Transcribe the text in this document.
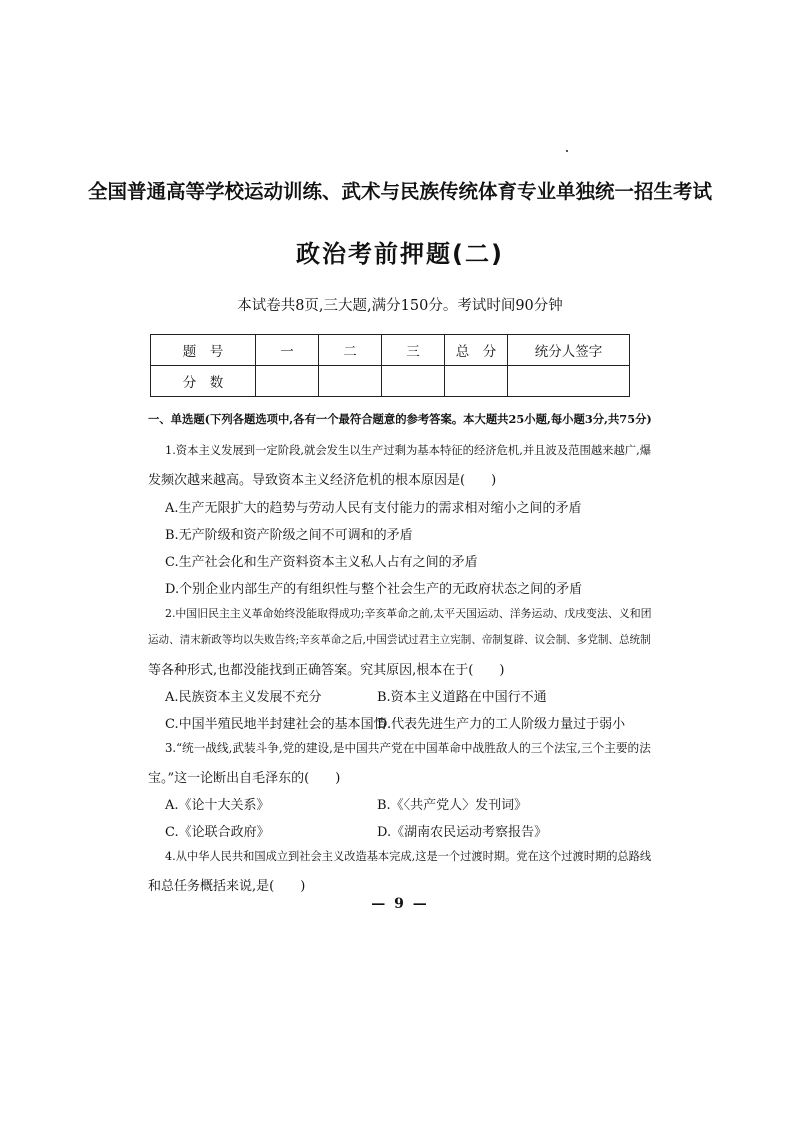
全国普通高等学校运动训练、武术与民族传统体育专业单独统一招生考试
政治考前押题(二)
本试卷共8页,三大题,满分150分。考试时间90分钟
题　号	一	二	三	总　分	统分人签字
分　数					
一、单选题(下列各题选项中,各有一个最符合题意的参考答案。本大题共25小题,每小题3分,共75分)
1.资本主义发展到一定阶段,就会发生以生产过剩为基本特征的经济危机,并且波及范围越来越广,爆
发频次越来越高。导致资本主义经济危机的根本原因是(　　)
A.生产无限扩大的趋势与劳动人民有支付能力的需求相对缩小之间的矛盾
B.无产阶级和资产阶级之间不可调和的矛盾
C.生产社会化和生产资料资本主义私人占有之间的矛盾
D.个别企业内部生产的有组织性与整个社会生产的无政府状态之间的矛盾
2.中国旧民主主义革命始终没能取得成功;辛亥革命之前,太平天国运动、洋务运动、戊戌变法、义和团
运动、清末新政等均以失败告终;辛亥革命之后,中国尝试过君主立宪制、帝制复辟、议会制、多党制、总统制
等各种形式,也都没能找到正确答案。究其原因,根本在于(　　)
A.民族资本主义发展不充分	B.资本主义道路在中国行不通
C.中国半殖民地半封建社会的基本国情
D.代表先进生产力的工人阶级力量过于弱小
3.“统一战线,武装斗争,党的建设,是中国共产党在中国革命中战胜敌人的三个法宝,三个主要的法
宝。”这一论断出自毛泽东的(　　)
A.《论十大关系》	B.《〈共产党人〉发刊词》
C.《论联合政府》	D.《湖南农民运动考察报告》
4.从中华人民共和国成立到社会主义改造基本完成,这是一个过渡时期。党在这个过渡时期的总路线
和总任务概括来说,是(　　)
— 9 —
